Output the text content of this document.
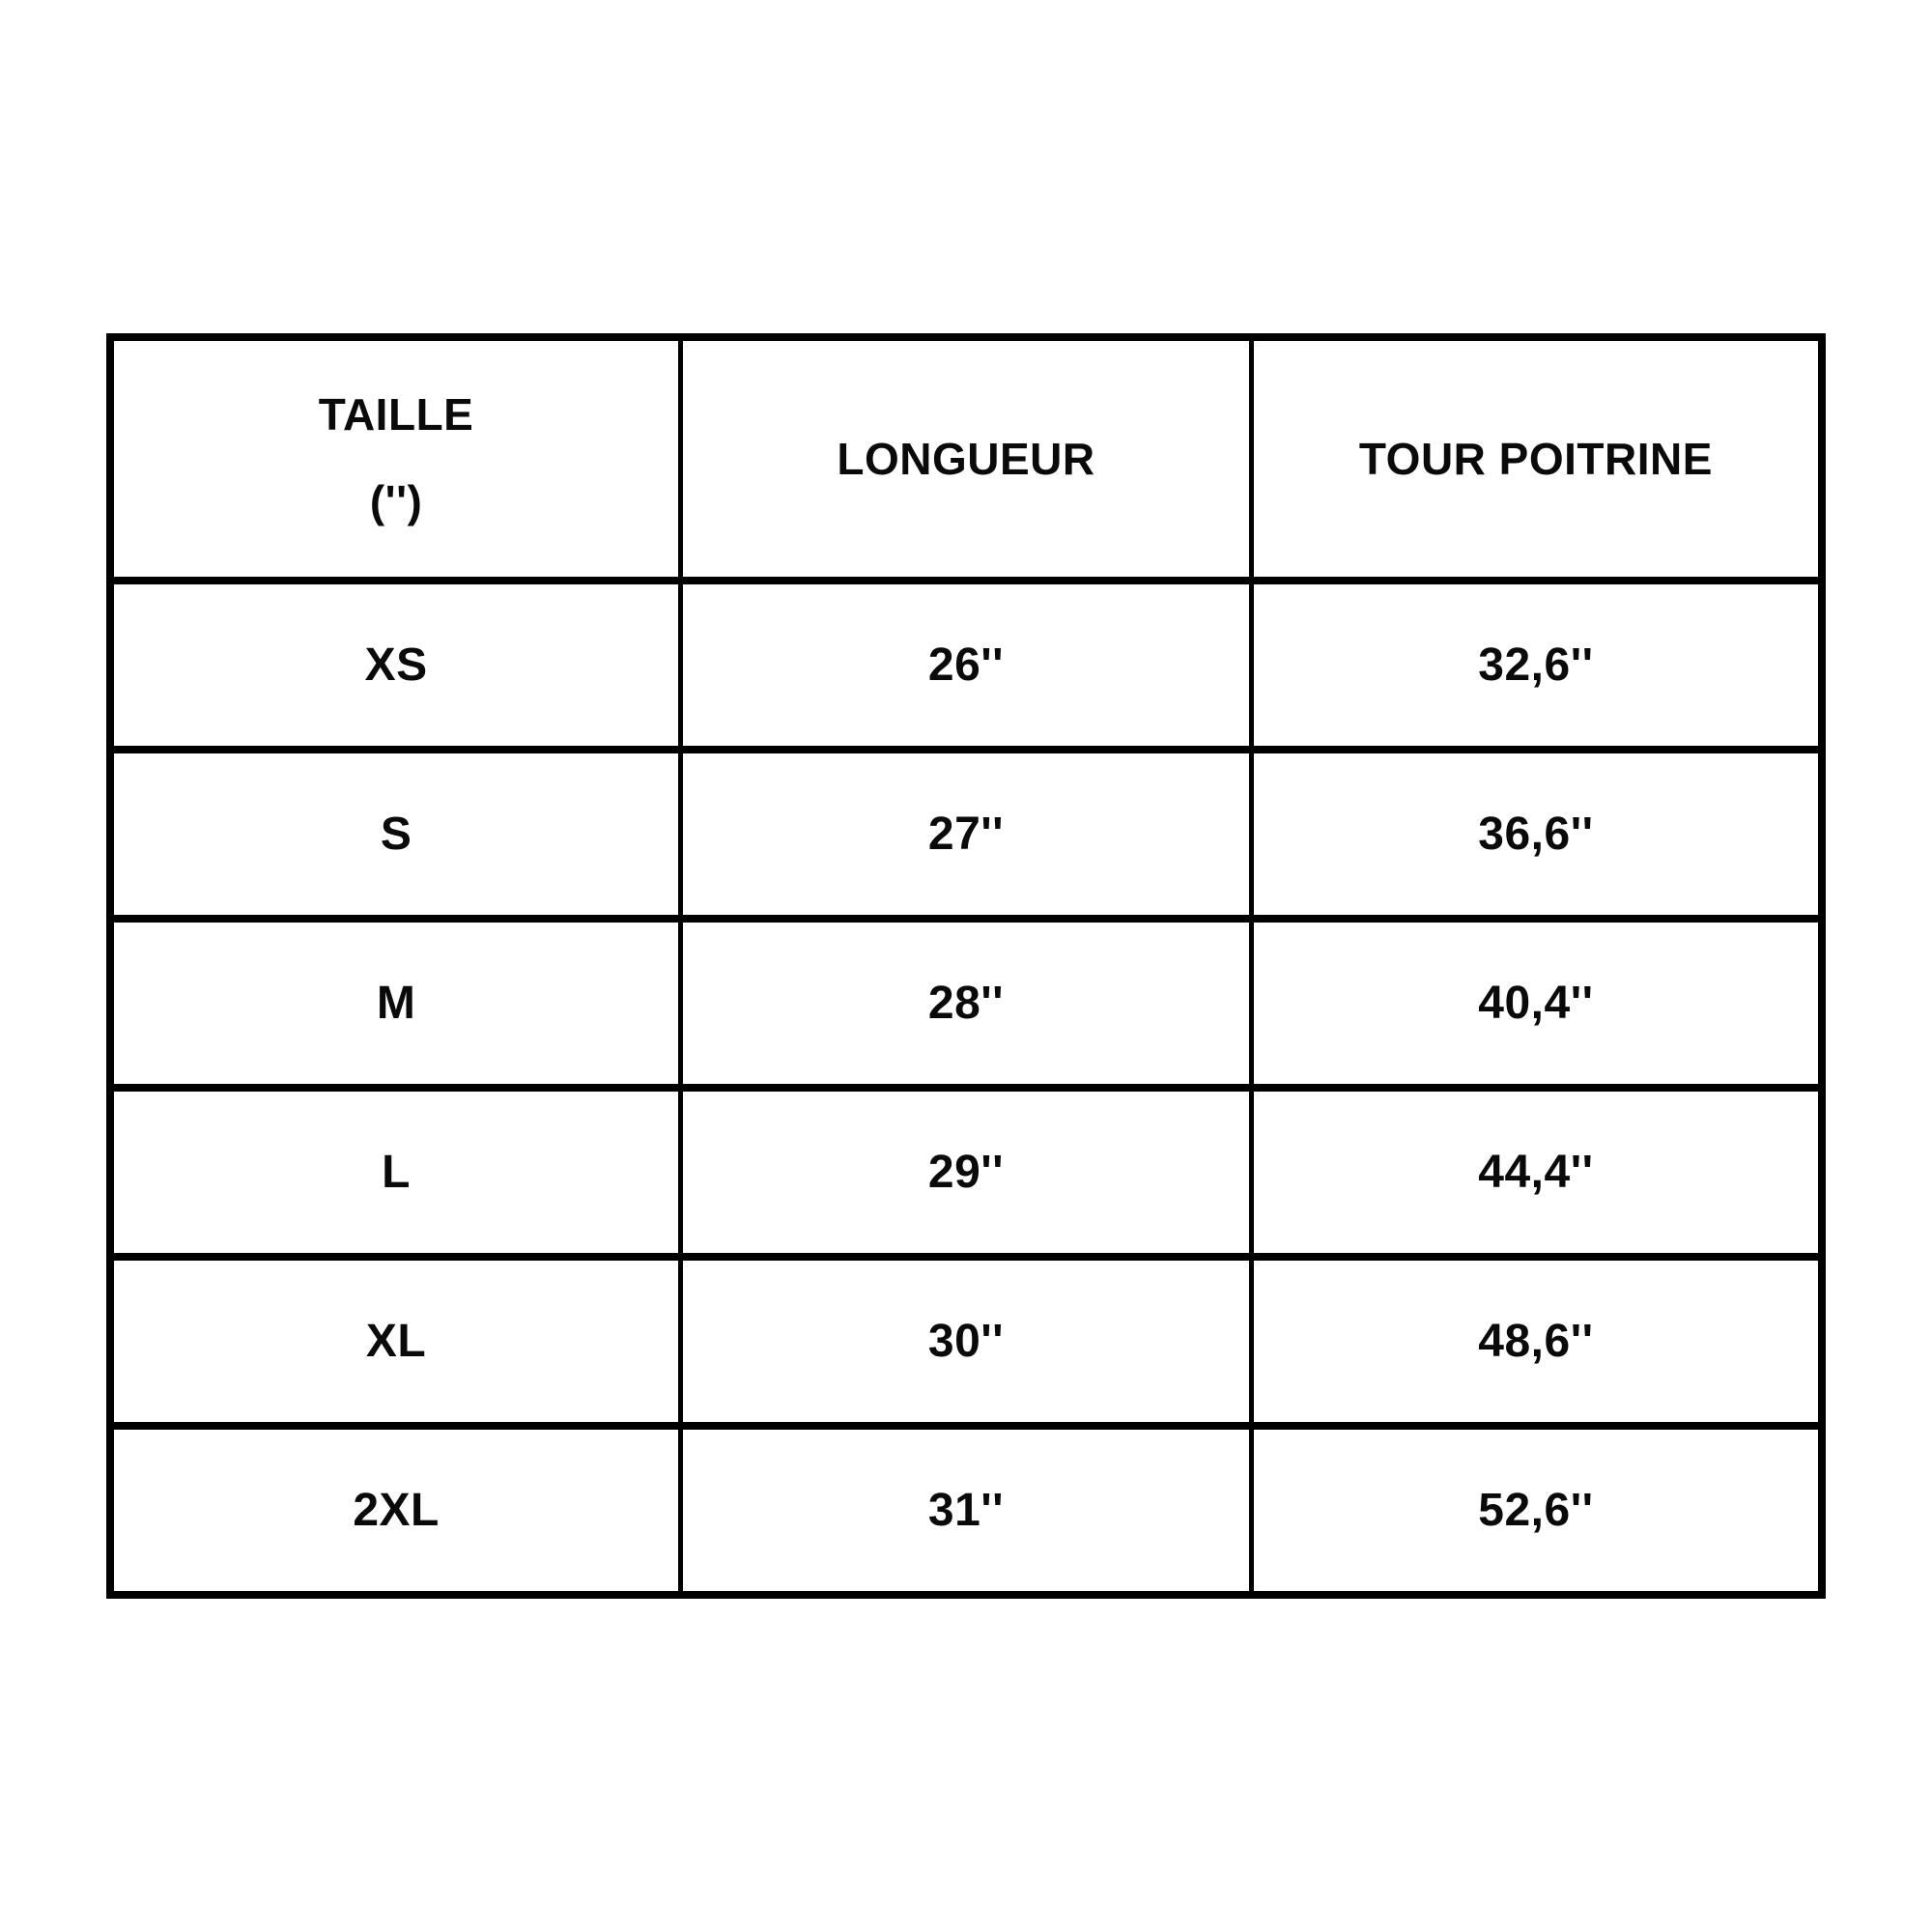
TAILLE
('')	LONGUEUR	TOUR POITRINE
XS	26''	32,6''
S	27''	36,6''
M	28''	40,4''
L	29''	44,4''
XL	30''	48,6''
2XL	31''	52,6''
